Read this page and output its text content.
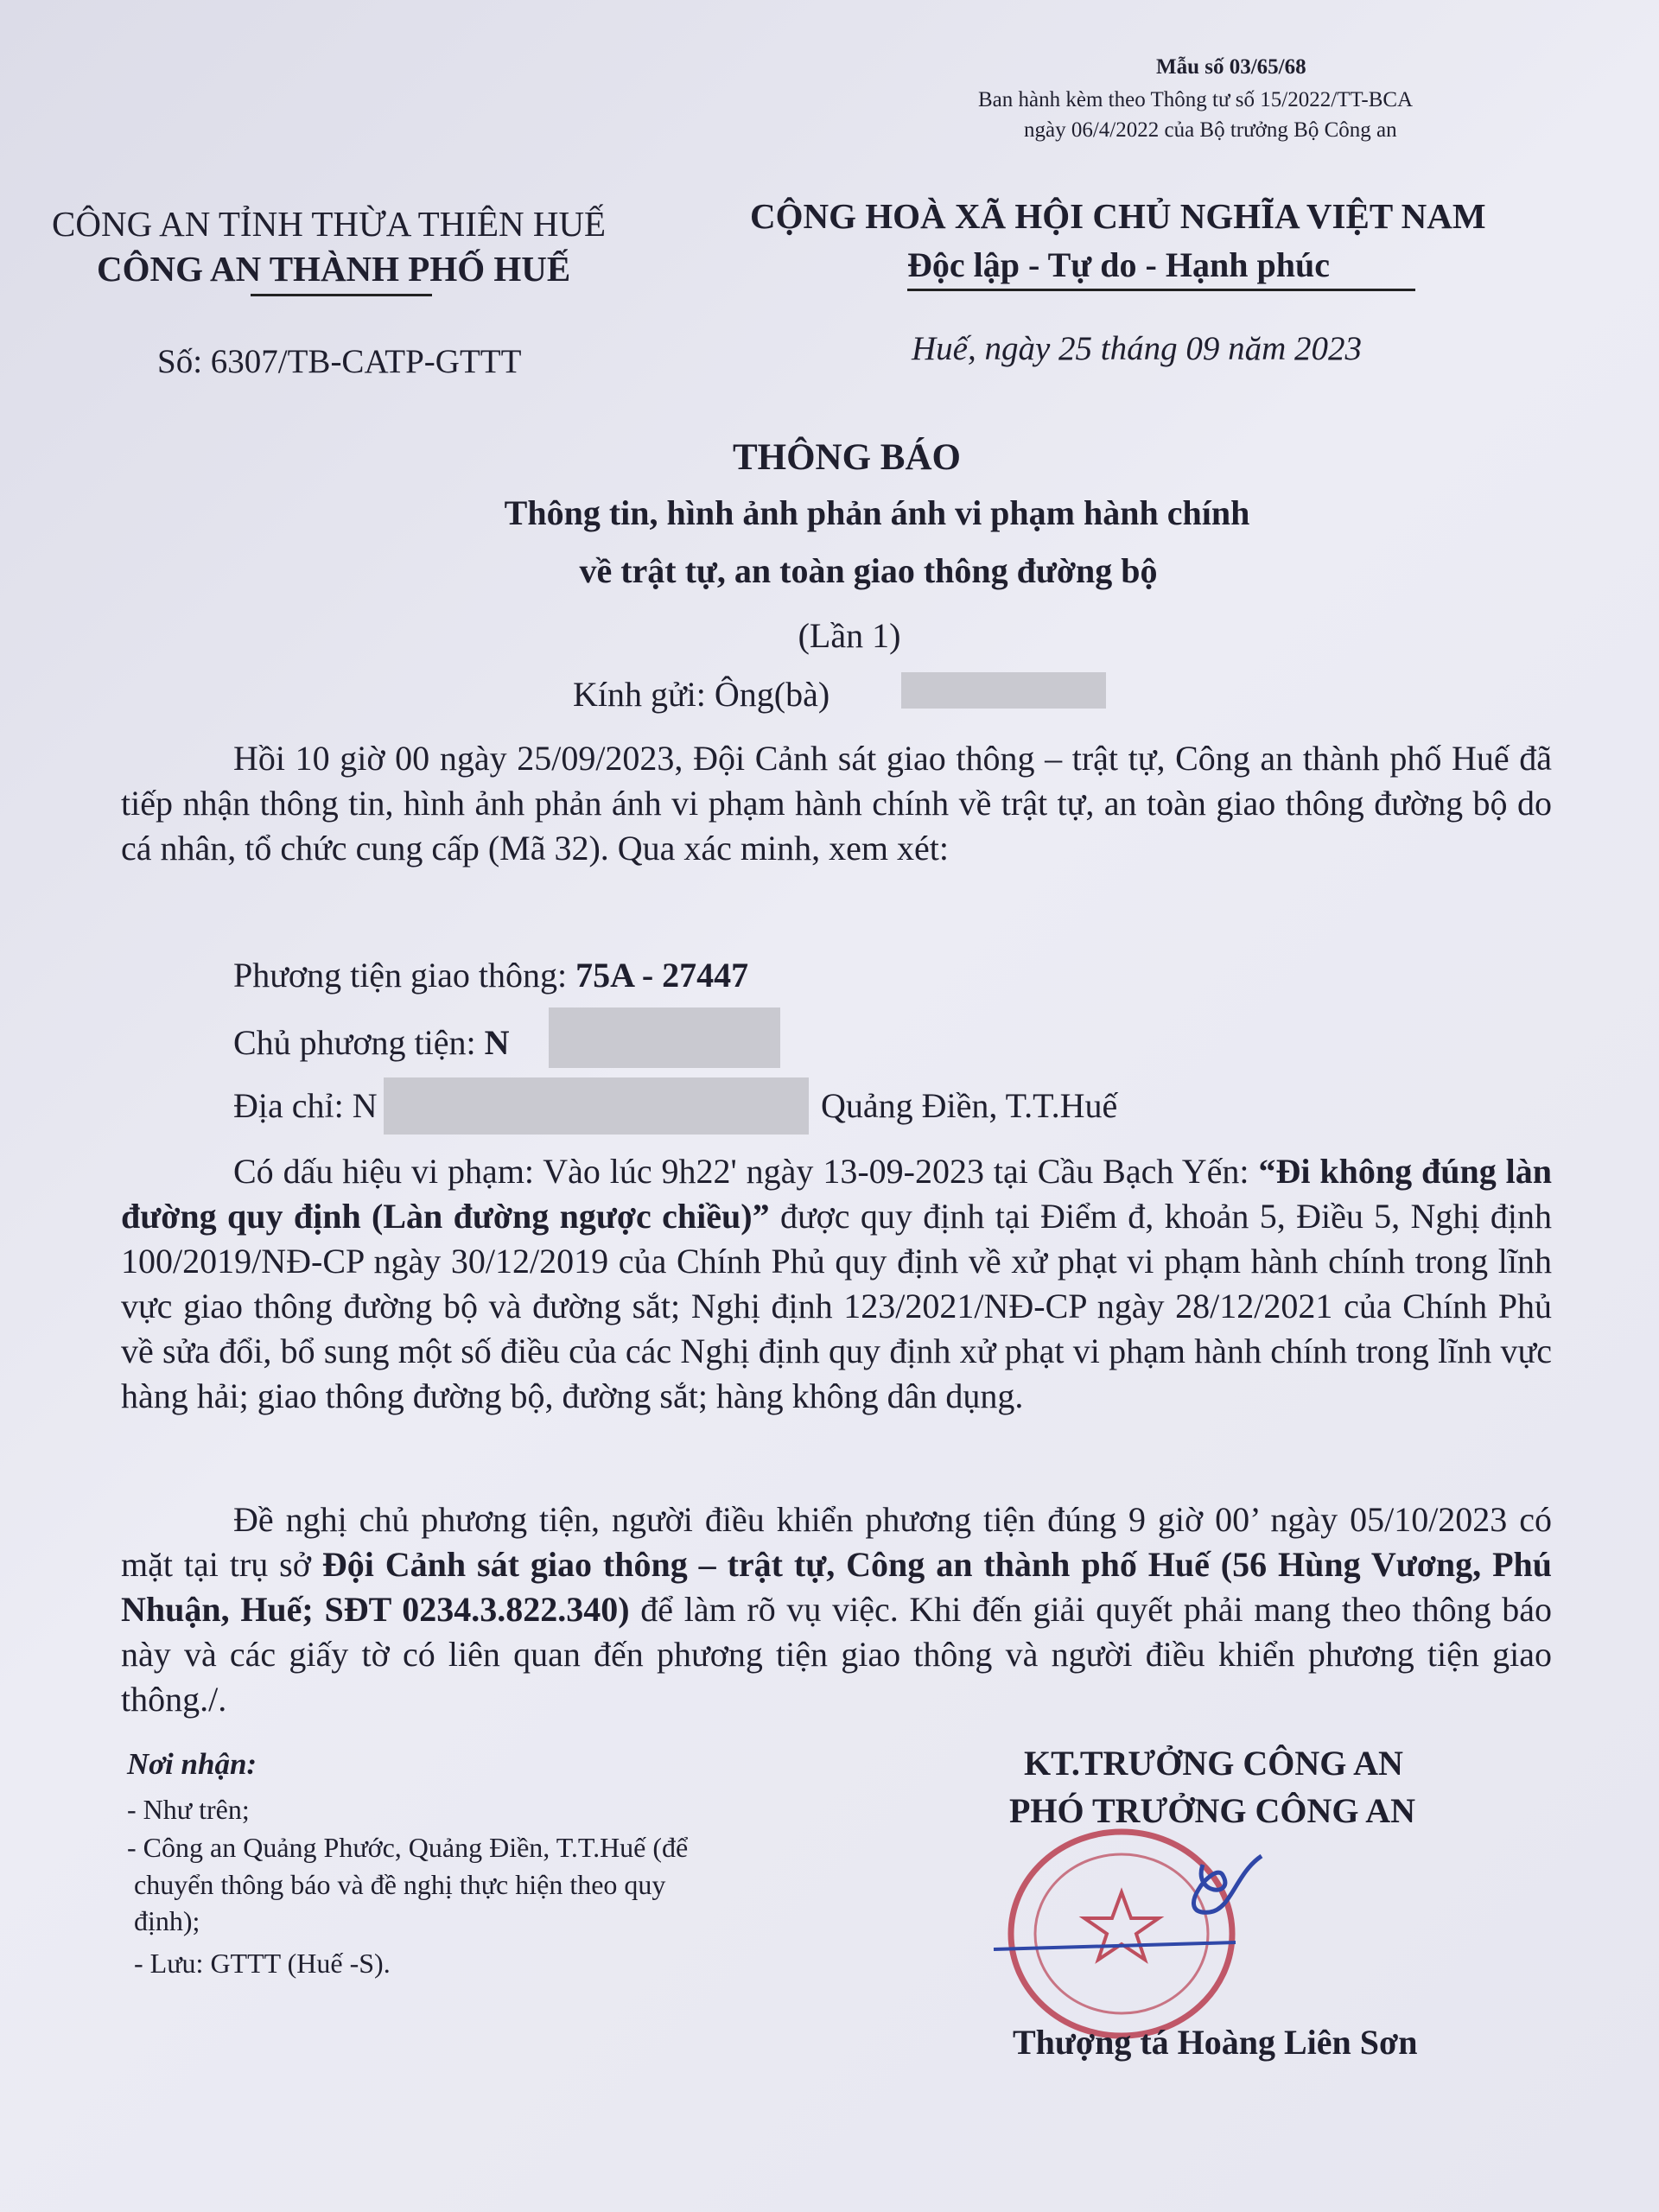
Mẫu số 03/65/68
Ban hành kèm theo Thông tư số 15/2022/TT-BCA
ngày 06/4/2022 của Bộ trưởng Bộ Công an
CÔNG AN TỈNH THỪA THIÊN HUẾ
CÔNG AN THÀNH PHỐ HUẾ
CỘNG HOÀ XÃ HỘI CHỦ NGHĨA VIỆT NAM
Độc lập - Tự do - Hạnh phúc
Số: 6307/TB-CATP-GTTT	Huế, ngày 25 tháng 09 năm 2023
THÔNG BÁO
Thông tin, hình ảnh phản ánh vi phạm hành chính
về trật tự, an toàn giao thông đường bộ
(Lần 1)
Kính gửi: Ông(bà)
Hồi 10 giờ 00 ngày 25/09/2023, Đội Cảnh sát giao thông – trật tự, Công an thành phố Huế đã tiếp nhận thông tin, hình ảnh phản ánh vi phạm hành chính về trật tự, an toàn giao thông đường bộ do cá nhân, tổ chức cung cấp (Mã 32). Qua xác minh, xem xét:
Phương tiện giao thông: 75A - 27447
Chủ phương tiện: N
Địa chỉ: N	Quảng Điền, T.T.Huế
Có dấu hiệu vi phạm: Vào lúc 9h22' ngày 13-09-2023 tại Cầu Bạch Yến: “Đi không đúng làn đường quy định (Làn đường ngược chiều)” được quy định tại Điểm đ, khoản 5, Điều 5, Nghị định 100/2019/NĐ-CP ngày 30/12/2019 của Chính Phủ quy định về xử phạt vi phạm hành chính trong lĩnh vực giao thông đường bộ và đường sắt; Nghị định 123/2021/NĐ-CP ngày 28/12/2021 của Chính Phủ về sửa đổi, bổ sung một số điều của các Nghị định quy định xử phạt vi phạm hành chính trong lĩnh vực hàng hải; giao thông đường bộ, đường sắt; hàng không dân dụng.
Đề nghị chủ phương tiện, người điều khiển phương tiện đúng 9 giờ 00’ ngày 05/10/2023 có mặt tại trụ sở Đội Cảnh sát giao thông – trật tự, Công an thành phố Huế (56 Hùng Vương, Phú Nhuận, Huế; SĐT 0234.3.822.340) để làm rõ vụ việc. Khi đến giải quyết phải mang theo thông báo này và các giấy tờ có liên quan đến phương tiện giao thông và người điều khiển phương tiện giao thông./.
Nơi nhận:
- Như trên;
- Công an Quảng Phước, Quảng Điền, T.T.Huế (để
chuyển thông báo và đề nghị thực hiện theo quy
định);
- Lưu: GTTT (Huế -S).
KT.TRƯỞNG CÔNG AN
PHÓ TRƯỞNG CÔNG AN
Thượng tá Hoàng Liên Sơn
